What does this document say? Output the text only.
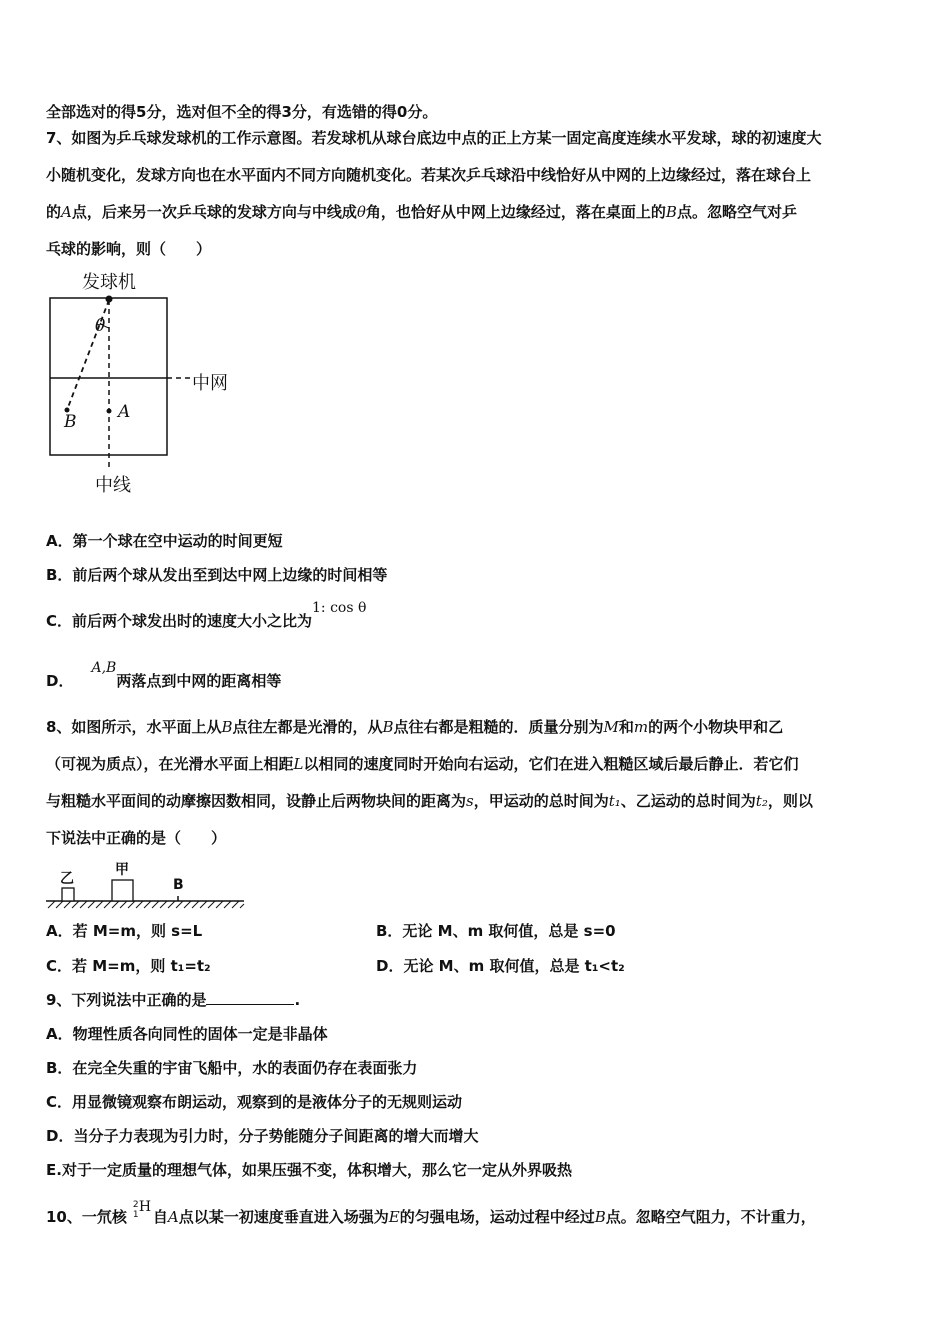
全部选对的得5分，选对但不全的得3分，有选错的得0分。
7、如图为乒乓球发球机的工作示意图。若发球机从球台底边中点的正上方某一固定高度连续水平发球，球的初速度大
小随机变化，发球方向也在水平面内不同方向随机变化。若某次乒乓球沿中线恰好从中网的上边缘经过，落在球台上
的A点，后来另一次乒乓球的发球方向与中线成θ角，也恰好从中网上边缘经过，落在桌面上的B点。忽略空气对乒
乓球的影响，则（　　）
发球机
θ
A
B
中网
中线
A．第一个球在空中运动的时间更短
B．前后两个球从发出至到达中网上边缘的时间相等
C．前后两个球发出时的速度大小之比为1: cos θ
D．A,B两落点到中网的距离相等
8、如图所示，水平面上从B点往左都是光滑的，从B点往右都是粗糙的．质量分别为M和m的两个小物块甲和乙
（可视为质点），在光滑水平面上相距L以相同的速度同时开始向右运动，它们在进入粗糙区域后最后静止．若它们
与粗糙水平面间的动摩擦因数相同，设静止后两物块间的距离为s，甲运动的总时间为t₁、乙运动的总时间为t₂，则以
下说法中正确的是（　　）
乙
甲
B
A．若 M=m，则 s=L	B．无论 M、m 取何值，总是 s=0
C．若 M=m，则 t₁=t₂	D．无论 M、m 取何值，总是 t₁<t₂
9、下列说法中正确的是	.
A．物理性质各向同性的固体一定是非晶体
B．在完全失重的宇宙飞船中，水的表面仍存在表面张力
C．用显微镜观察布朗运动，观察到的是液体分子的无规则运动
D．当分子力表现为引力时，分子势能随分子间距离的增大而增大
E.对于一定质量的理想气体，如果压强不变，体积增大，那么它一定从外界吸热
10、一氘核
2
1 H
自A点以某一初速度垂直进入场强为E的匀强电场，运动过程中经过B点。忽略空气阻力，不计重力，
